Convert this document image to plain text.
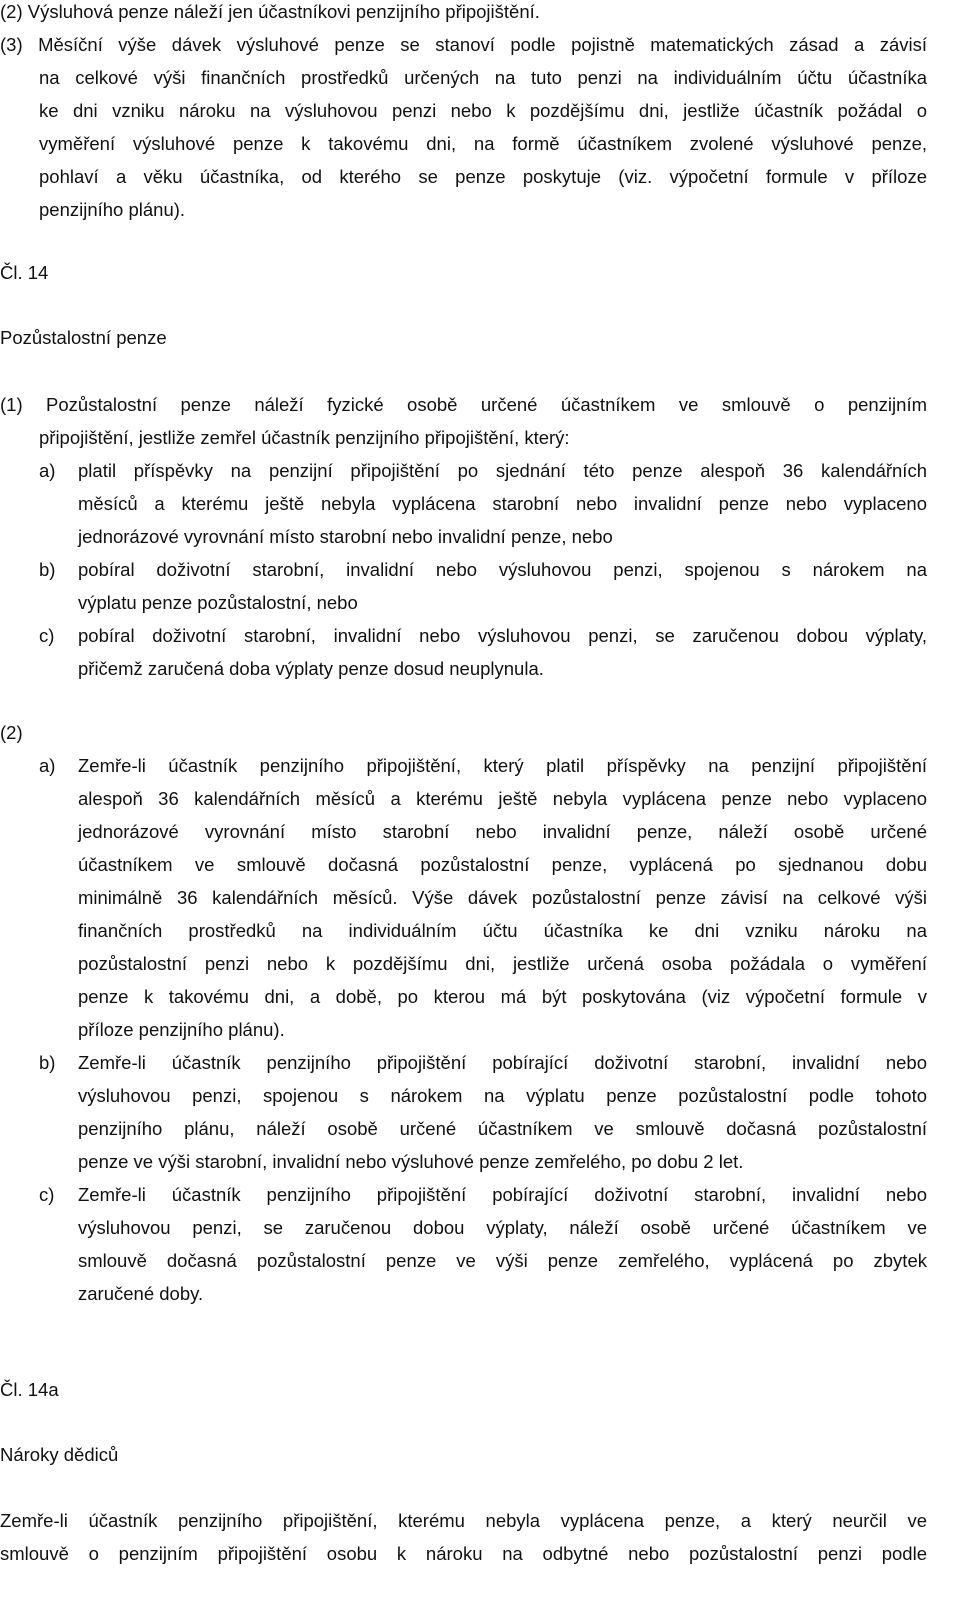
(2) Výsluhová penze náleží jen účastníkovi penzijního připojištění.
(3) Měsíční výše dávek výsluhové penze se stanoví podle pojistně matematických zásad a závisí
na celkové výši finančních prostředků určených na tuto penzi na individuálním účtu účastníka
ke dni vzniku nároku na výsluhovou penzi nebo k pozdějšímu dni, jestliže účastník požádal o
vyměření výsluhové penze k takovému dni, na formě účastníkem zvolené výsluhové penze,
pohlaví a věku účastníka, od kterého se penze poskytuje (viz. výpočetní formule v příloze
penzijního plánu).
Čl. 14
Pozůstalostní penze
(1) Pozůstalostní penze náleží fyzické osobě určené účastníkem ve smlouvě o penzijním
připojištění, jestliže zemřel účastník penzijního připojištění, který:
a) platil příspěvky na penzijní připojištění po sjednání této penze alespoň 36 kalendářních
měsíců a kterému ještě nebyla vyplácena starobní nebo invalidní penze nebo vyplaceno
jednorázové vyrovnání místo starobní nebo invalidní penze, nebo
b) pobíral doživotní starobní, invalidní nebo výsluhovou penzi, spojenou s nárokem na
výplatu penze pozůstalostní, nebo
c) pobíral doživotní starobní, invalidní nebo výsluhovou penzi, se zaručenou dobou výplaty,
přičemž zaručená doba výplaty penze dosud neuplynula.
(2)
a) Zemře-li účastník penzijního připojištění, který platil příspěvky na penzijní připojištění
alespoň 36 kalendářních měsíců a kterému ještě nebyla vyplácena penze nebo vyplaceno
jednorázové vyrovnání místo starobní nebo invalidní penze, náleží osobě určené
účastníkem ve smlouvě dočasná pozůstalostní penze, vyplácená po sjednanou dobu
minimálně 36 kalendářních měsíců. Výše dávek pozůstalostní penze závisí na celkové výši
finančních prostředků na individuálním účtu účastníka ke dni vzniku nároku na
pozůstalostní penzi nebo k pozdějšímu dni, jestliže určená osoba požádala o vyměření
penze k takovému dni, a době, po kterou má být poskytována (viz výpočetní formule v
příloze penzijního plánu).
b) Zemře-li účastník penzijního připojištění pobírající doživotní starobní, invalidní nebo
výsluhovou penzi, spojenou s nárokem na výplatu penze pozůstalostní podle tohoto
penzijního plánu, náleží osobě určené účastníkem ve smlouvě dočasná pozůstalostní
penze ve výši starobní, invalidní nebo výsluhové penze zemřelého, po dobu 2 let.
c) Zemře-li účastník penzijního připojištění pobírající doživotní starobní, invalidní nebo
výsluhovou penzi, se zaručenou dobou výplaty, náleží osobě určené účastníkem ve
smlouvě dočasná pozůstalostní penze ve výši penze zemřelého, vyplácená po zbytek
zaručené doby.
Čl. 14a
Nároky dědiců
Zemře-li účastník penzijního připojištění, kterému nebyla vyplácena penze, a který neurčil ve
smlouvě o penzijním připojištění osobu k nároku na odbytné nebo pozůstalostní penzi podle
